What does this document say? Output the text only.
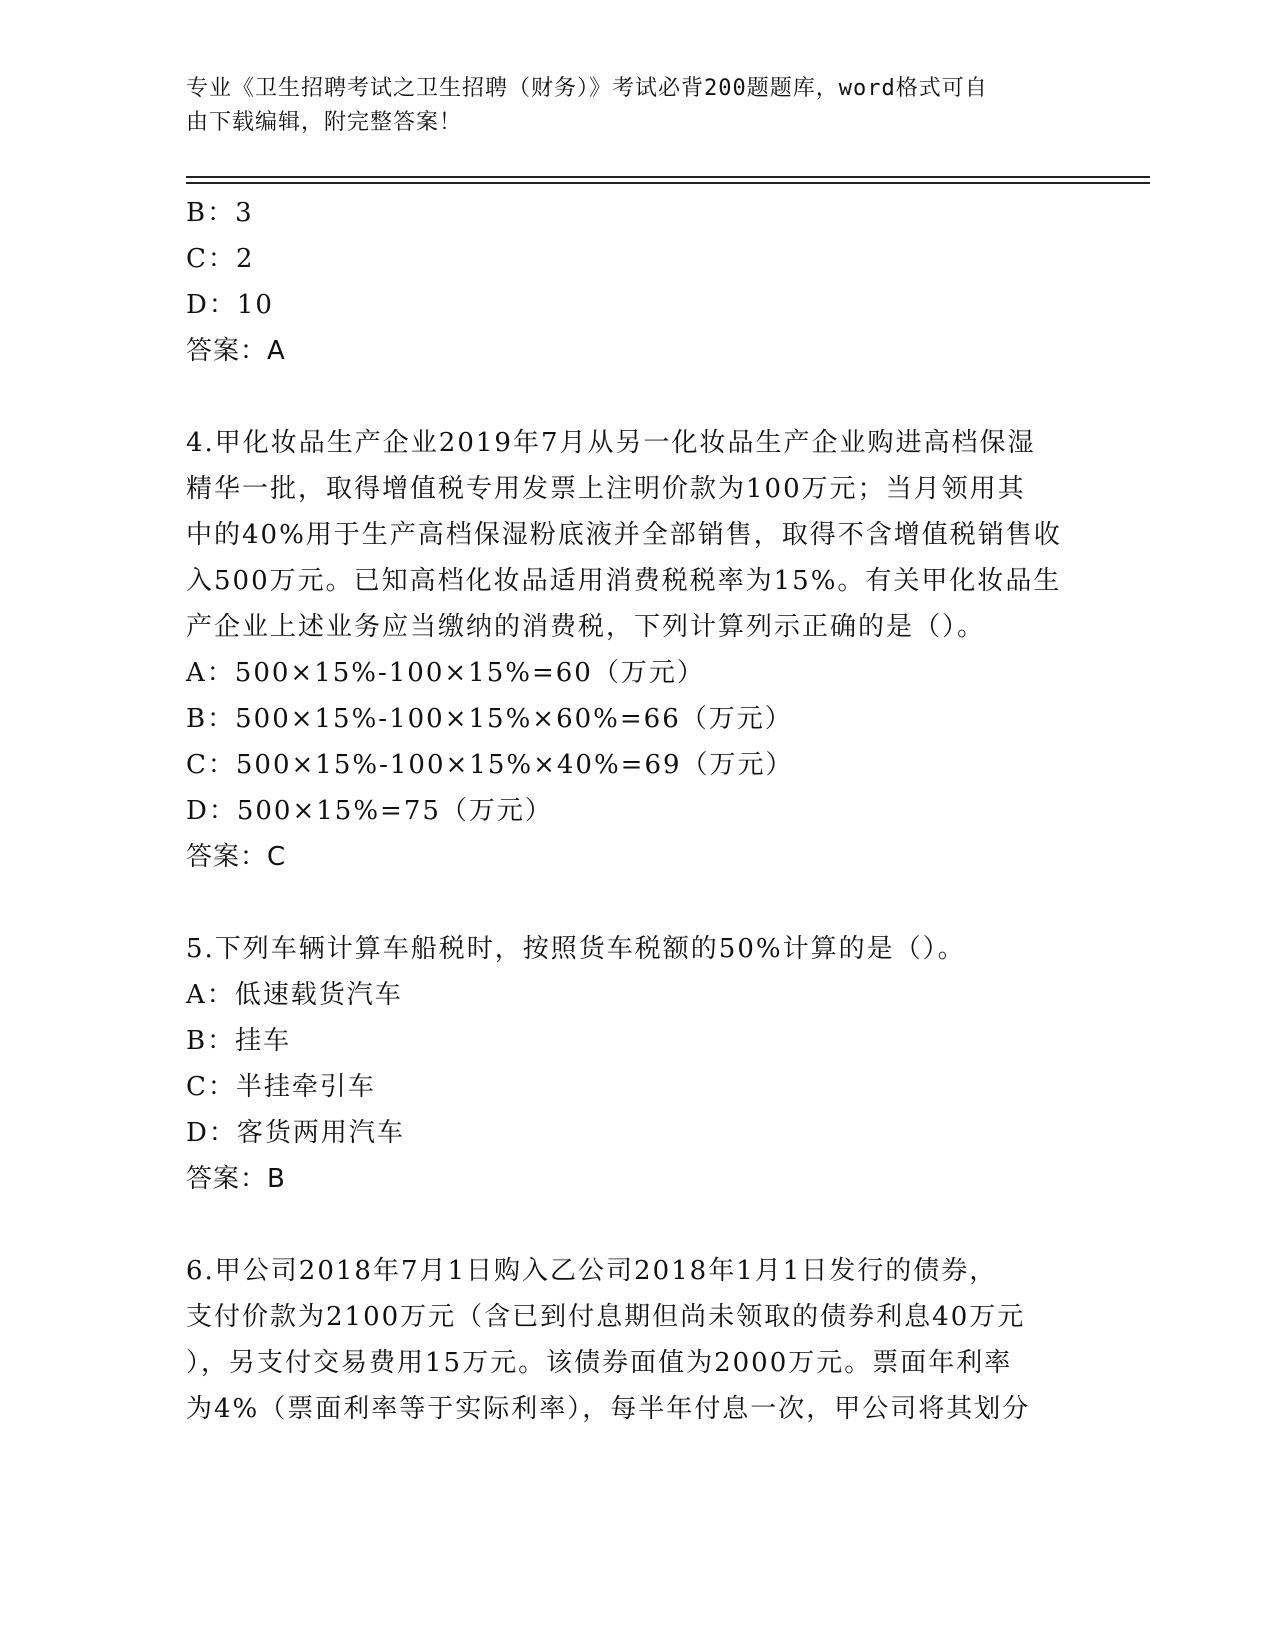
专业《卫生招聘考试之卫生招聘（财务）》考试必背200题题库，word格式可自
由下载编辑，附完整答案！
B：3
C：2
D：10
答案：A
4.甲化妆品生产企业2019年7月从另一化妆品生产企业购进高档保湿
精华一批，取得增值税专用发票上注明价款为100万元；当月领用其
中的40%用于生产高档保湿粉底液并全部销售，取得不含增值税销售收
入500万元。已知高档化妆品适用消费税税率为15%。有关甲化妆品生
产企业上述业务应当缴纳的消费税，下列计算列示正确的是（）。
A：500×15%-100×15%=60（万元）
B：500×15%-100×15%×60%=66（万元）
C：500×15%-100×15%×40%=69（万元）
D：500×15%=75（万元）
答案：C
5.下列车辆计算车船税时，按照货车税额的50%计算的是（）。
A：低速载货汽车
B：挂车
C：半挂牵引车
D：客货两用汽车
答案：B
6.甲公司2018年7月1日购入乙公司2018年1月1日发行的债券，
支付价款为2100万元（含已到付息期但尚未领取的债券利息40万元
），另支付交易费用15万元。该债券面值为2000万元。票面年利率
为4%（票面利率等于实际利率），每半年付息一次，甲公司将其划分
